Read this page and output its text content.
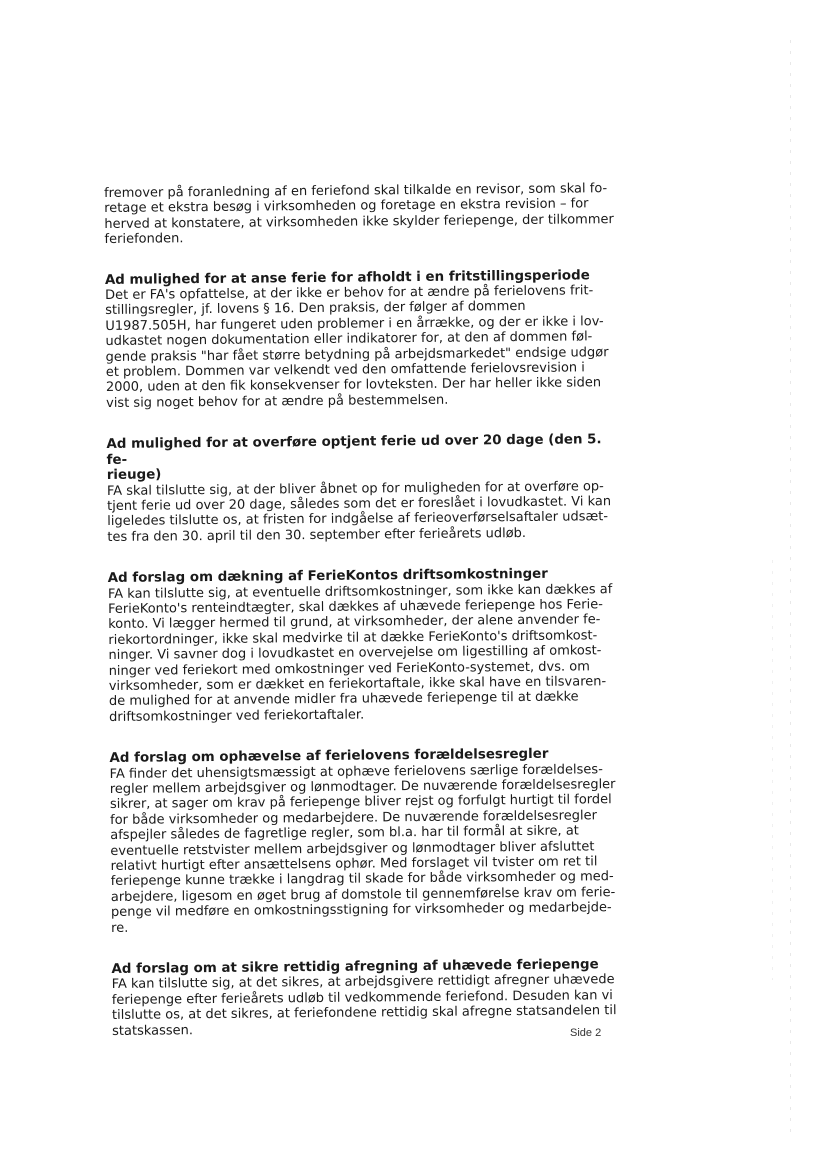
fremover på foranledning af en feriefond skal tilkalde en revisor, som skal fo-
retage et ekstra besøg i virksomheden og foretage en ekstra revision – for
herved at konstatere, at virksomheden ikke skylder feriepenge, der tilkommer
feriefonden.

Ad mulighed for at anse ferie for afholdt i en fritstillingsperiode
Det er FA's opfattelse, at der ikke er behov for at ændre på ferielovens frit-
stillingsregler, jf. lovens § 16. Den praksis, der følger af dommen
U1987.505H, har fungeret uden problemer i en årrække, og der er ikke i lov-
udkastet nogen dokumentation eller indikatorer for, at den af dommen føl-
gende praksis "har fået større betydning på arbejdsmarkedet" endsige udgør
et problem. Dommen var velkendt ved den omfattende ferielovsrevision i
2000, uden at den fik konsekvenser for lovteksten. Der har heller ikke siden
vist sig noget behov for at ændre på bestemmelsen.
Ad mulighed for at overføre optjent ferie ud over 20 dage (den 5. fe-
rieuge)
FA skal tilslutte sig, at der bliver åbnet op for muligheden for at overføre op-
tjent ferie ud over 20 dage, således som det er foreslået i lovudkastet. Vi kan
ligeledes tilslutte os, at fristen for indgåelse af ferieoverførselsaftaler udsæt-
tes fra den 30. april til den 30. september efter ferieårets udløb.
Ad forslag om dækning af FerieKontos driftsomkostninger
FA kan tilslutte sig, at eventuelle driftsomkostninger, som ikke kan dækkes af
FerieKonto's renteindtægter, skal dækkes af uhævede feriepenge hos Ferie-
konto. Vi lægger hermed til grund, at virksomheder, der alene anvender fe-
riekortordninger, ikke skal medvirke til at dække FerieKonto's driftsomkost-
ninger. Vi savner dog i lovudkastet en overvejelse om ligestilling af omkost-
ninger ved feriekort med omkostninger ved FerieKonto-systemet, dvs. om
virksomheder, som er dækket en feriekortaftale, ikke skal have en tilsvaren-
de mulighed for at anvende midler fra uhævede feriepenge til at dække
driftsomkostninger ved feriekortaftaler.
Ad forslag om ophævelse af ferielovens forældelsesregler
FA finder det uhensigtsmæssigt at ophæve ferielovens særlige forældelses-
regler mellem arbejdsgiver og lønmodtager. De nuværende forældelsesregler
sikrer, at sager om krav på feriepenge bliver rejst og forfulgt hurtigt til fordel
for både virksomheder og medarbejdere. De nuværende forældelsesregler
afspejler således de fagretlige regler, som bl.a. har til formål at sikre, at
eventuelle retstvister mellem arbejdsgiver og lønmodtager bliver afsluttet
relativt hurtigt efter ansættelsens ophør. Med forslaget vil tvister om ret til
feriepenge kunne trække i langdrag til skade for både virksomheder og med-
arbejdere, ligesom en øget brug af domstole til gennemførelse krav om ferie-
penge vil medføre en omkostningsstigning for virksomheder og medarbejde-
re.
Ad forslag om at sikre rettidig afregning af uhævede feriepenge
FA kan tilslutte sig, at det sikres, at arbejdsgivere rettidigt afregner uhævede
feriepenge efter ferieårets udløb til vedkommende feriefond. Desuden kan vi
tilslutte os, at det sikres, at feriefondene rettidig skal afregne statsandelen til
statskassen.	Side 2
